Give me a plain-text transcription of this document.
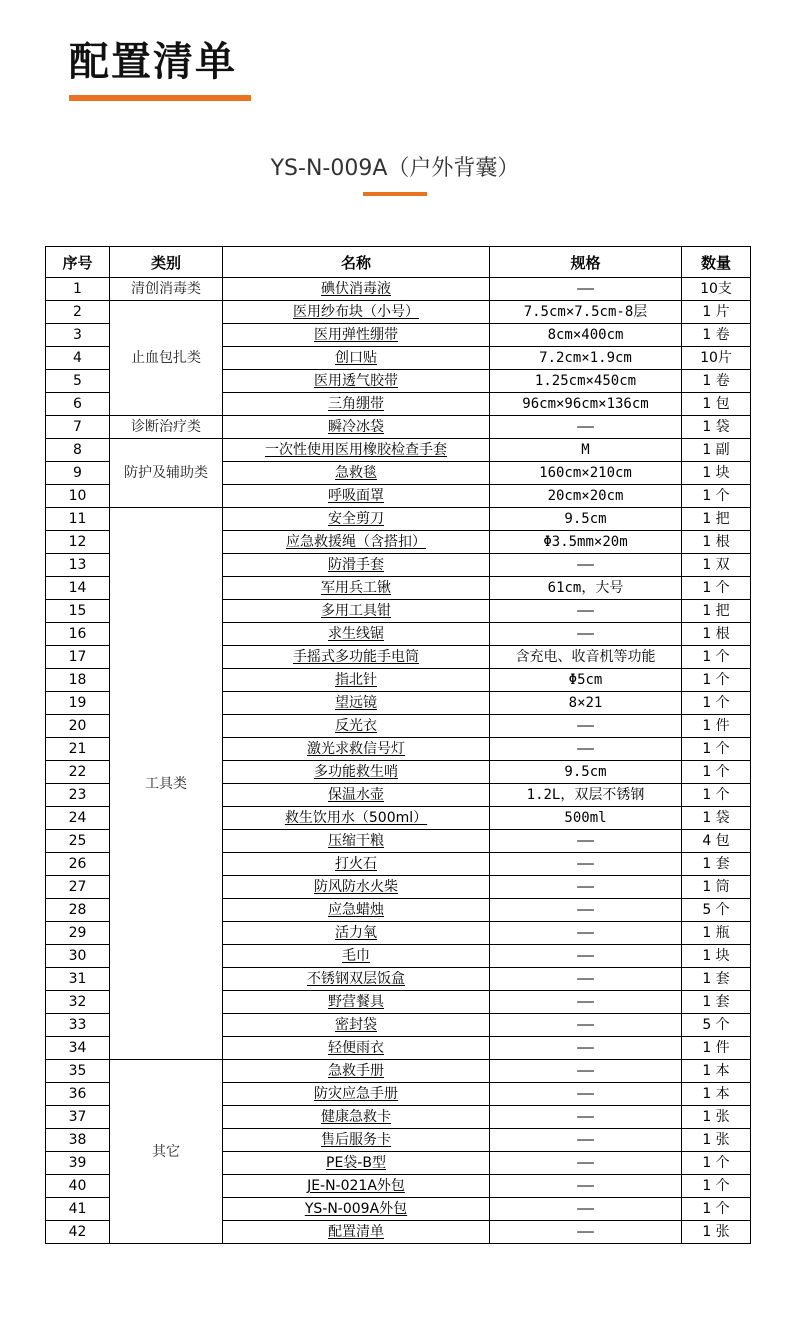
配置清单

YS-N-009A（户外背囊）

序号	类别	名称	规格	数量
1	清创消毒类	碘伏消毒液	——	10支
2	止血包扎类	医用纱布块（小号）	7.5cm×7.5cm-8层	1 片
3		医用弹性绷带	8cm×400cm	1 卷
4		创口贴	7.2cm×1.9cm	10片
5		医用透气胶带	1.25cm×450cm	1 卷
6		三角绷带	96cm×96cm×136cm	1 包
7	诊断治疗类	瞬冷冰袋	——	1 袋
8	防护及辅助类	一次性使用医用橡胶检查手套	M	1 副
9		急救毯	160cm×210cm	1 块
10		呼吸面罩	20cm×20cm	1 个
11	工具类	安全剪刀	9.5cm	1 把
12		应急救援绳（含搭扣）	Φ3.5mm×20m	1 根
13		防滑手套	——	1 双
14		军用兵工锹	61cm，大号	1 个
15		多用工具钳	——	1 把
16		求生线锯	——	1 根
17		手摇式多功能手电筒	含充电、收音机等功能	1 个
18		指北针	Φ5cm	1 个
19		望远镜	8×21	1 个
20		反光衣	——	1 件
21		激光求救信号灯	——	1 个
22		多功能救生哨	9.5cm	1 个
23		保温水壶	1.2L，双层不锈钢	1 个
24		救生饮用水（500ml）	500ml	1 袋
25		压缩干粮	——	4 包
26		打火石	——	1 套
27		防风防水火柴	——	1 筒
28		应急蜡烛	——	5 个
29		活力氧	——	1 瓶
30		毛巾	——	1 块
31		不锈钢双层饭盒	——	1 套
32		野营餐具	——	1 套
33		密封袋	——	5 个
34		轻便雨衣	——	1 件
35	其它	急救手册	——	1 本
36		防灾应急手册	——	1 本
37		健康急救卡	——	1 张
38		售后服务卡	——	1 张
39		PE袋-B型	——	1 个
40		JE-N-021A外包	——	1 个
41		YS-N-009A外包	——	1 个
42		配置清单	——	1 张
